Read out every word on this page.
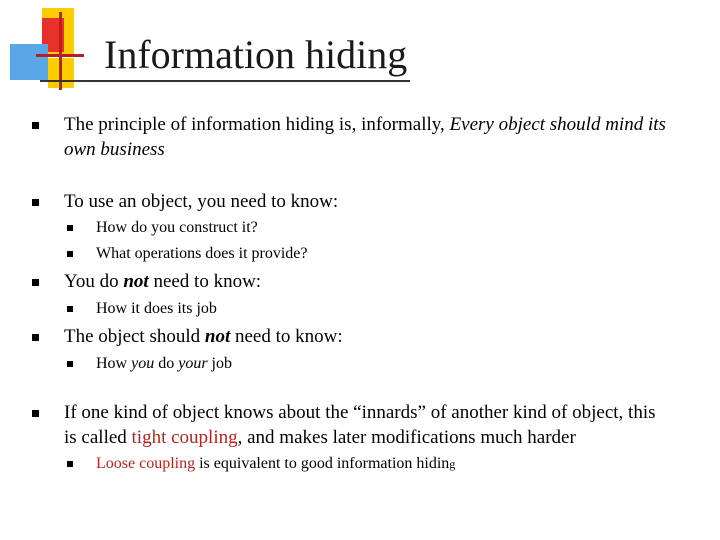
Information hiding
The principle of information hiding is, informally, Every object should mind its
own business
To use an object, you need to know:
How do you construct it?
What operations does it provide?
You do not need to know:
How it does its job
The object should not need to know:
How you do your job
If one kind of object knows about the “innards” of another kind of object, this
is called tight coupling, and makes later modifications much harder
Loose coupling is equivalent to good information hiding
